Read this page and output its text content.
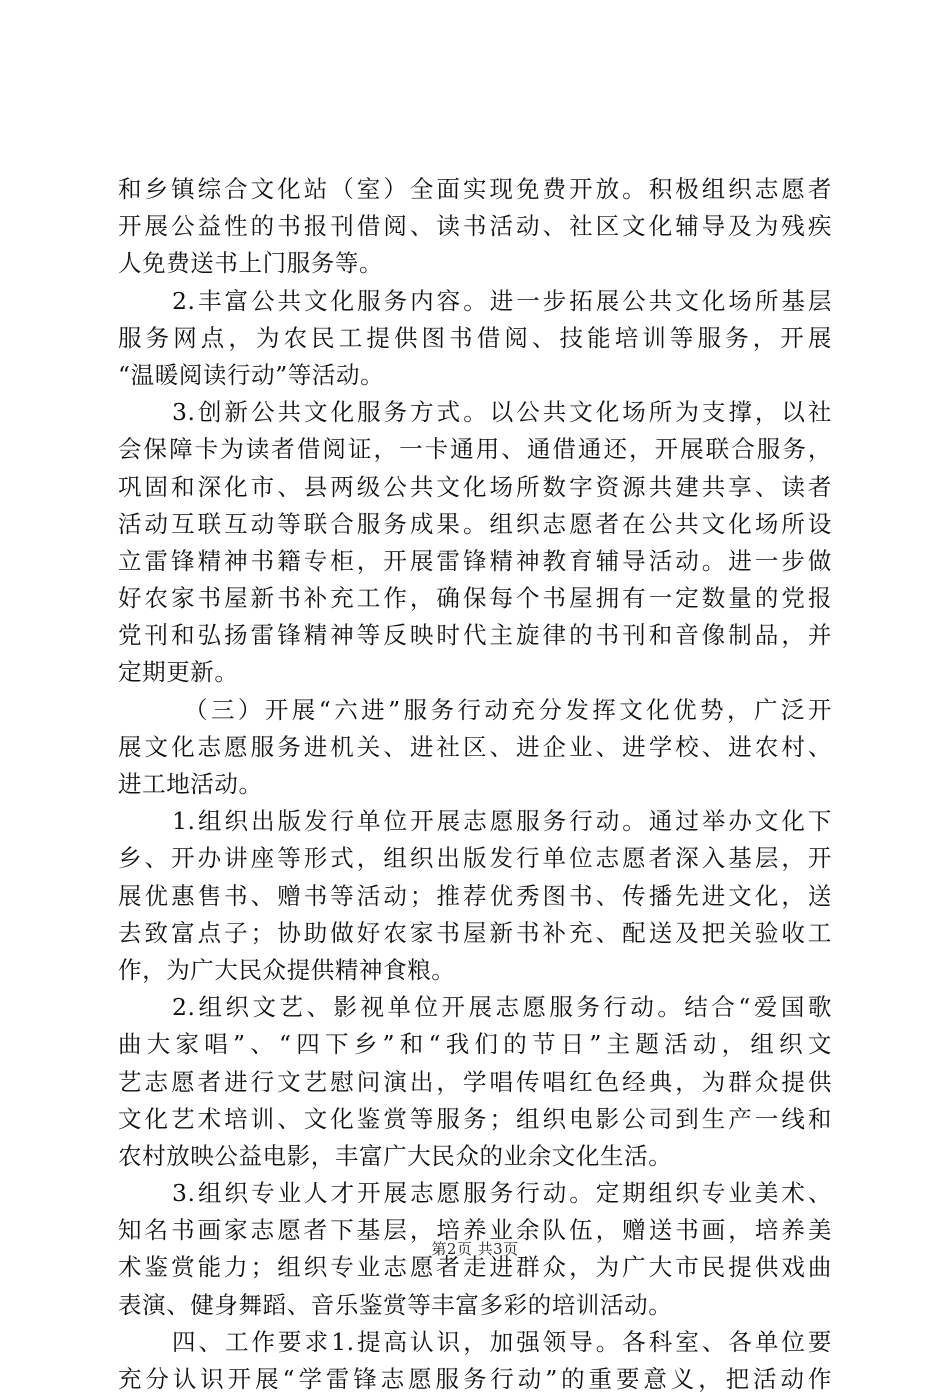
和乡镇综合文化站（室）全面实现免费开放。积极组织志愿者
开展公益性的书报刊借阅、读书活动、社区文化辅导及为残疾
人免费送书上门服务等。
2.丰富公共文化服务内容。进一步拓展公共文化场所基层
服务网点，为农民工提供图书借阅、技能培训等服务，开展
“温暖阅读行动”等活动。
3.创新公共文化服务方式。以公共文化场所为支撑，以社
会保障卡为读者借阅证，一卡通用、通借通还，开展联合服务，
巩固和深化市、县两级公共文化场所数字资源共建共享、读者
活动互联互动等联合服务成果。组织志愿者在公共文化场所设
立雷锋精神书籍专柜，开展雷锋精神教育辅导活动。进一步做
好农家书屋新书补充工作，确保每个书屋拥有一定数量的党报
党刊和弘扬雷锋精神等反映时代主旋律的书刊和音像制品，并
定期更新。
（三）开展“六进”服务行动充分发挥文化优势，广泛开
展文化志愿服务进机关、进社区、进企业、进学校、进农村、
进工地活动。
1.组织出版发行单位开展志愿服务行动。通过举办文化下
乡、开办讲座等形式，组织出版发行单位志愿者深入基层，开
展优惠售书、赠书等活动；推荐优秀图书、传播先进文化，送
去致富点子；协助做好农家书屋新书补充、配送及把关验收工
作，为广大民众提供精神食粮。
2.组织文艺、影视单位开展志愿服务行动。结合“爱国歌
曲大家唱”、“四下乡”和“我们的节日”主题活动，组织文
艺志愿者进行文艺慰问演出，学唱传唱红色经典，为群众提供
文化艺术培训、文化鉴赏等服务；组织电影公司到生产一线和
农村放映公益电影，丰富广大民众的业余文化生活。
3.组织专业人才开展志愿服务行动。定期组织专业美术、
知名书画家志愿者下基层，培养业余队伍，赠送书画，培养美
术鉴赏能力；组织专业志愿者走进群众，为广大市民提供戏曲
表演、健身舞蹈、音乐鉴赏等丰富多彩的培训活动。
四、工作要求1.提高认识，加强领导。各科室、各单位要
充分认识开展“学雷锋志愿服务行动”的重要意义，把活动作
第2页 共3页
